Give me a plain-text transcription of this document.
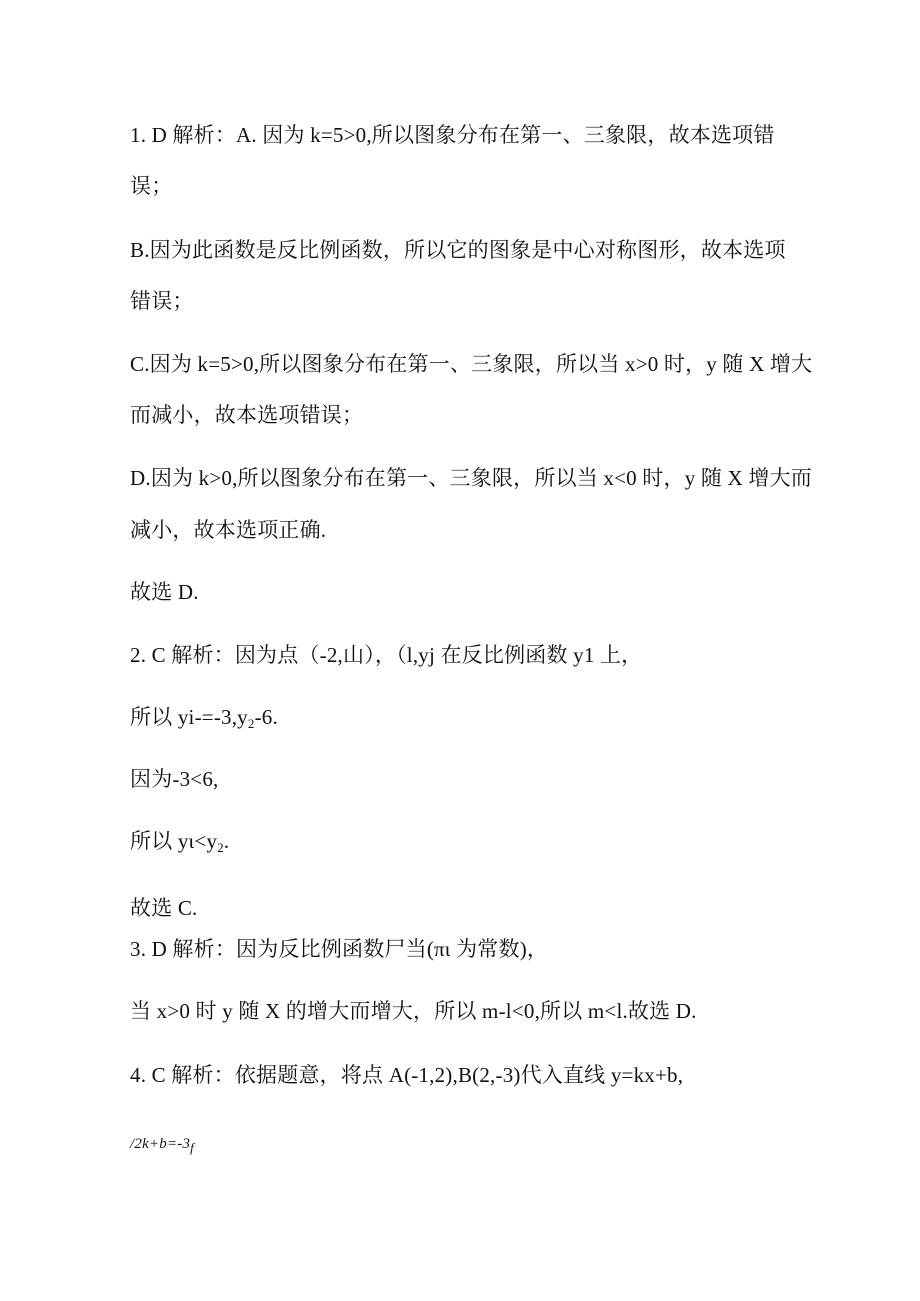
1. D 解析：A. 因为 k=5>0,所以图象分布在第一、三象限，故本选项错
误；
B.因为此函数是反比例函数，所以它的图象是中心对称图形，故本选项
错误；
C.因为 k=5>0,所以图象分布在第一、三象限，所以当 x>0 时，y 随 X 增大
而减小，故本选项错误；
D.因为 k>0,所以图象分布在第一、三象限，所以当 x<0 时，y 随 X 增大而
减小，故本选项正确.
故选 D.
2. C 解析：因为点（-2,山），（l,yj 在反比例函数 y1 上，
所以 $yi-=-3,y_2-6$.
因为-3<6,
所以 $y\iota<y_2$.
故选 C.
3. D 解析：因为反比例函数尸当(πι 为常数)，
当 x>0 时 y 随 X 的增大而增大，所以 m-l<0,所以 m<l.故选 D.
4. C 解析：依据题意，将点 A(-1,2),B(2,-3)代入直线 y=kx+b,
$/2k+b=-3_f$
